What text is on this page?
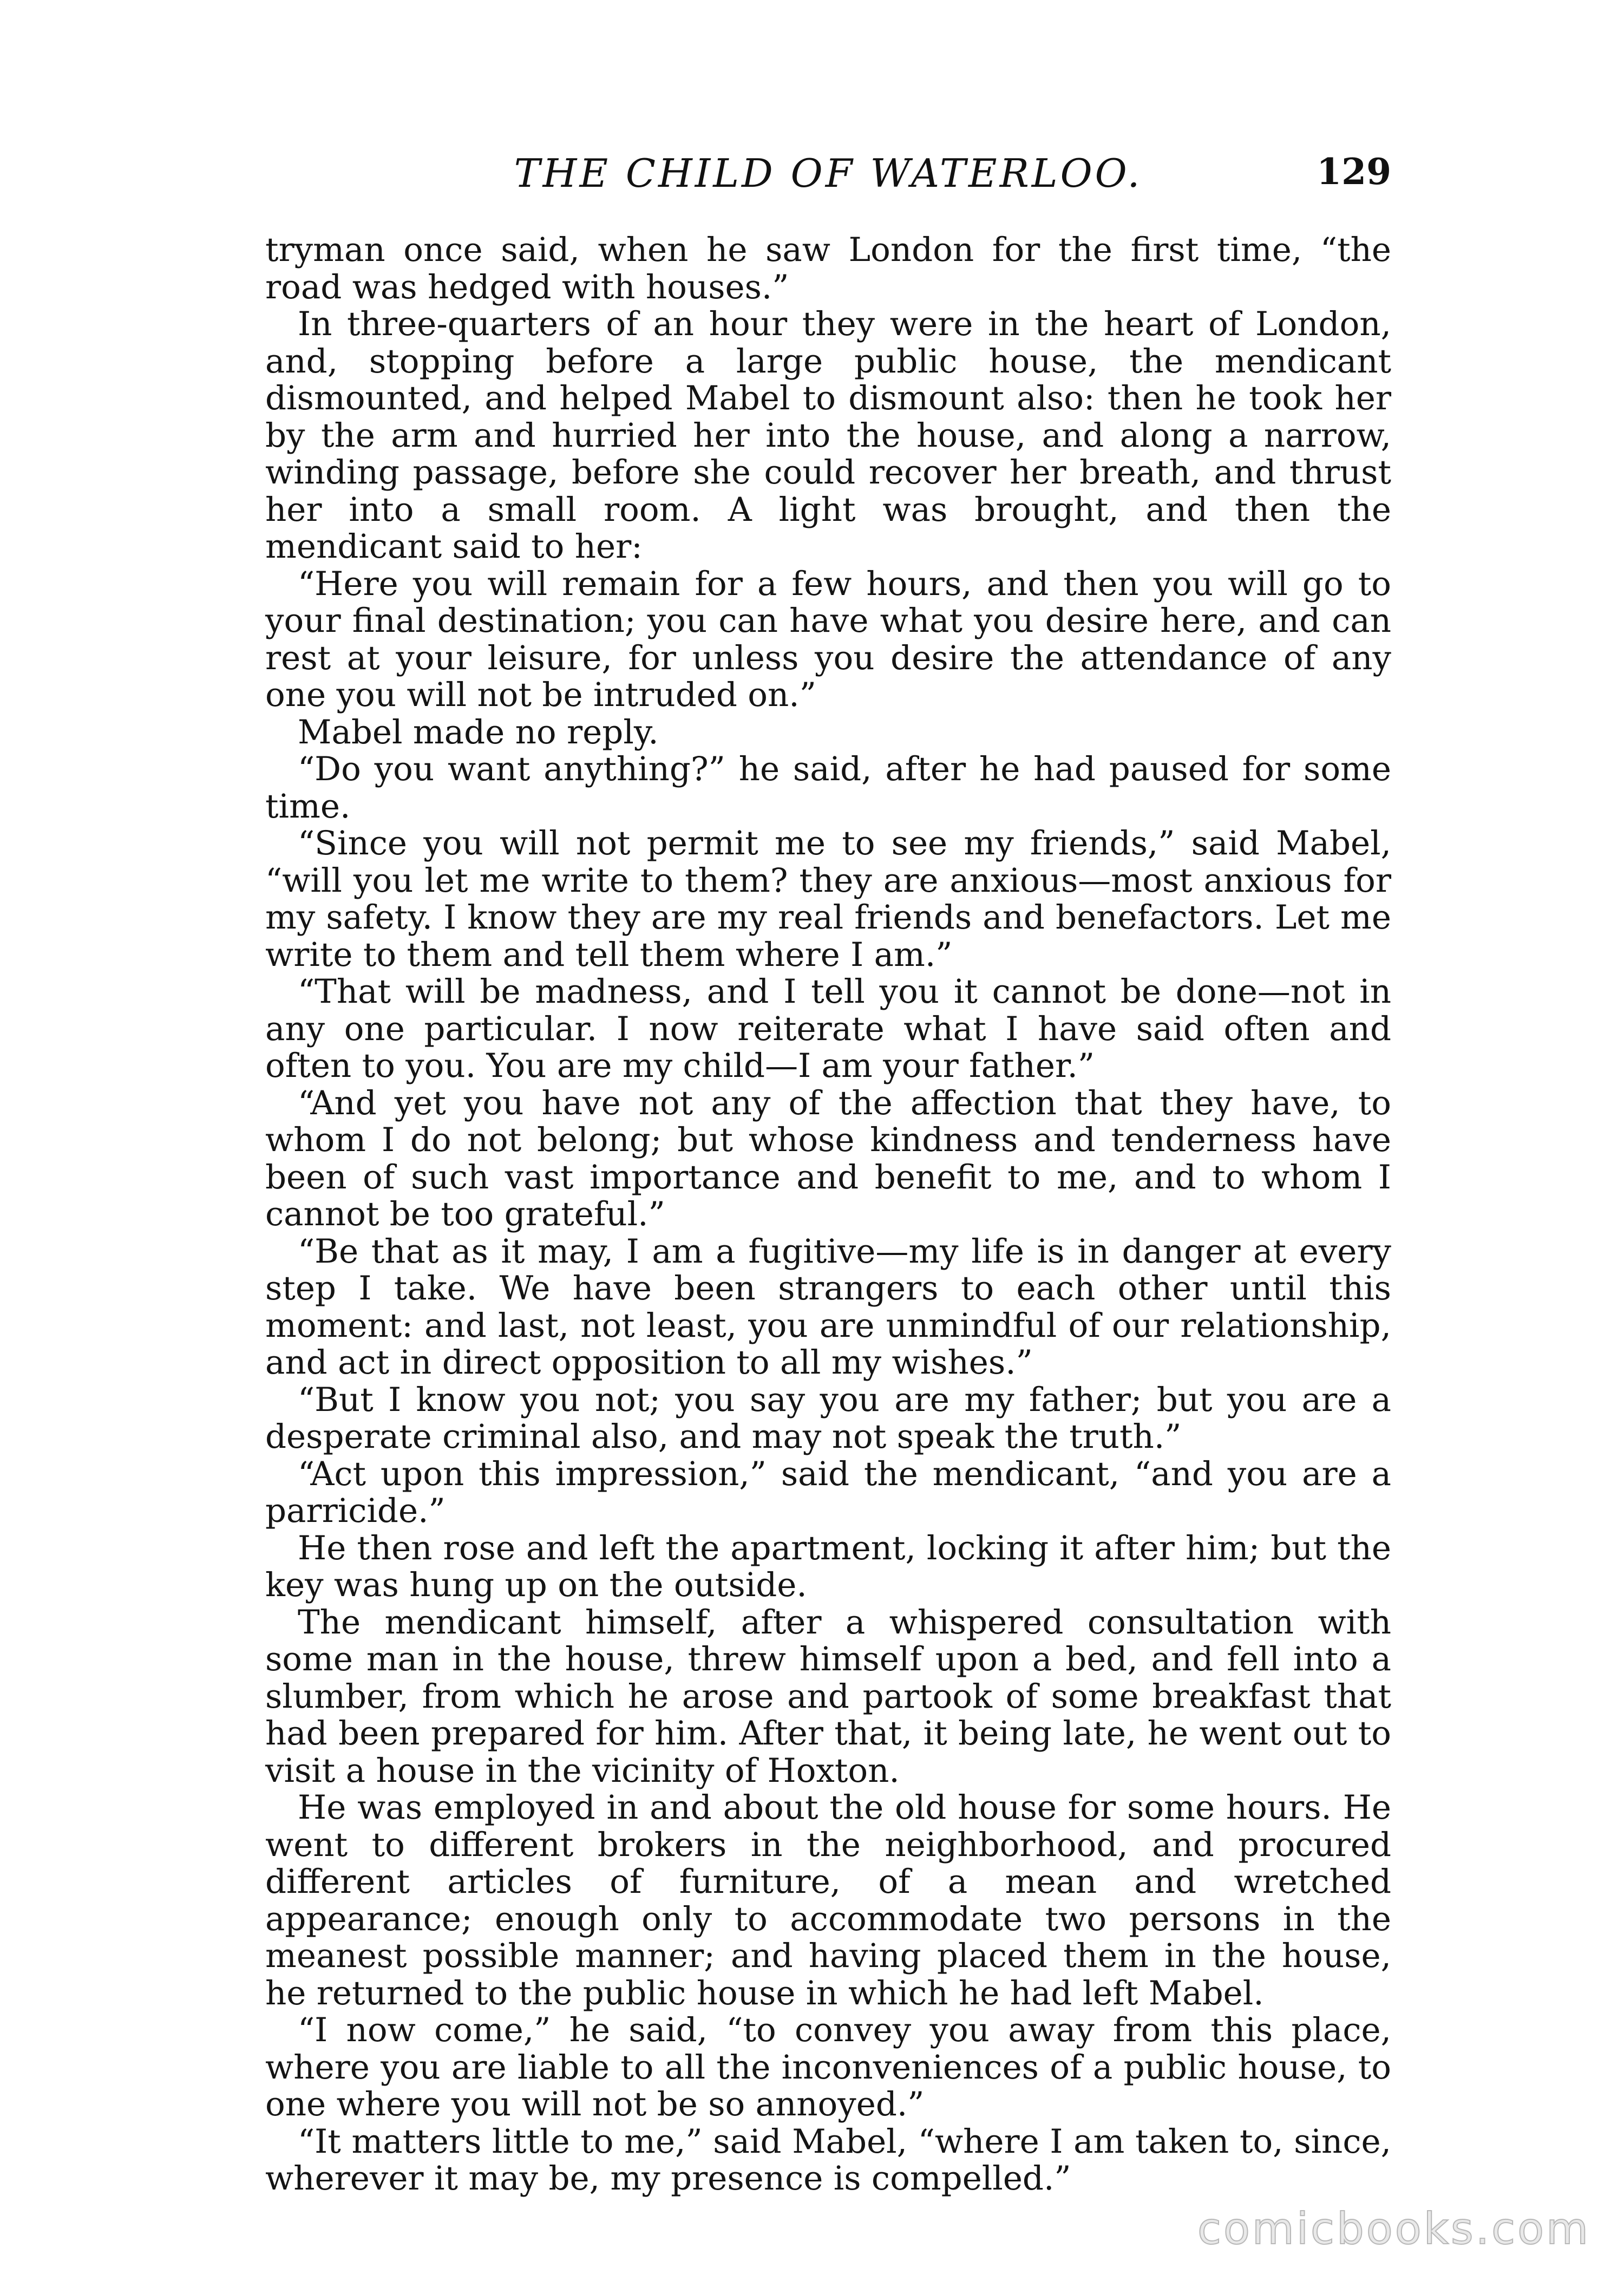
THE CHILD OF WATERLOO.	129

tryman once said, when he saw London for the first time, “the road was hedged with houses.”

In three-quarters of an hour they were in the heart of London, and, stopping before a large public house, the mendicant dismounted, and helped Mabel to dismount also: then he took her by the arm and hurried her into the house, and along a narrow, winding passage, before she could recover her breath, and thrust her into a small room. A light was brought, and then the mendicant said to her:

“Here you will remain for a few hours, and then you will go to your final destination; you can have what you desire here, and can rest at your leisure, for unless you desire the attendance of any one you will not be intruded on.”

Mabel made no reply.

“Do you want anything?” he said, after he had paused for some time.

“Since you will not permit me to see my friends,” said Mabel, “will you let me write to them? they are anxious—most anxious for my safety. I know they are my real friends and benefactors. Let me write to them and tell them where I am.”

“That will be madness, and I tell you it cannot be done—not in any one particular. I now reiterate what I have said often and often to you. You are my child—I am your father.”

“And yet you have not any of the affection that they have, to whom I do not belong; but whose kindness and tenderness have been of such vast importance and benefit to me, and to whom I cannot be too grateful.”

“Be that as it may, I am a fugitive—my life is in danger at every step I take. We have been strangers to each other until this moment: and last, not least, you are unmindful of our relationship, and act in direct opposition to all my wishes.”

“But I know you not; you say you are my father; but you are a desperate criminal also, and may not speak the truth.”

“Act upon this impression,” said the mendicant, “and you are a parricide.”

He then rose and left the apartment, locking it after him; but the key was hung up on the outside.

The mendicant himself, after a whispered consultation with some man in the house, threw himself upon a bed, and fell into a slumber, from which he arose and partook of some breakfast that had been prepared for him. After that, it being late, he went out to visit a house in the vicinity of Hoxton.

He was employed in and about the old house for some hours. He went to different brokers in the neighborhood, and procured different articles of furniture, of a mean and wretched appearance; enough only to accommodate two persons in the meanest possible manner; and having placed them in the house, he returned to the public house in which he had left Mabel.

“I now come,” he said, “to convey you away from this place, where you are liable to all the inconveniences of a public house, to one where you will not be so annoyed.”

“It matters little to me,” said Mabel, “where I am taken to, since, wherever it may be, my presence is compelled.”

comicbooks.com
